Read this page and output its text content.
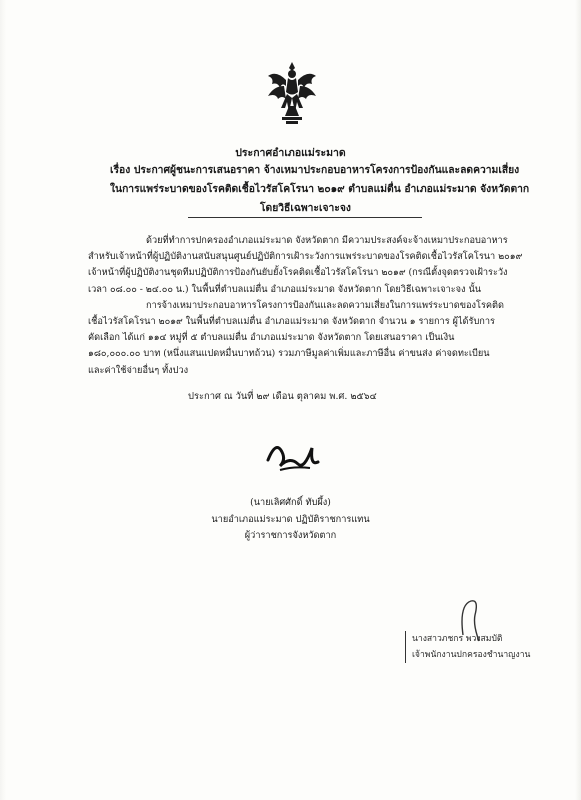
ประกาศอำเภอแม่ระมาด
เรื่อง ประกาศผู้ชนะการเสนอราคา จ้างเหมาประกอบอาหารโครงการป้องกันและลดความเสี่ยง
ในการแพร่ระบาดของโรคติดเชื้อไวรัสโคโรนา ๒๐๑๙ ตำบลแม่ตื่น อำเภอแม่ระมาด จังหวัดตาก
โดยวิธีเฉพาะเจาะจง
ด้วยที่ทำการปกครองอำเภอแม่ระมาด จังหวัดตาก มีความประสงค์จะจ้างเหมาประกอบอาหาร
สำหรับเจ้าหน้าที่ผู้ปฏิบัติงานสนับสนุนศูนย์ปฏิบัติการเฝ้าระวังการแพร่ระบาดของโรคติดเชื้อไวรัสโคโรนา ๒๐๑๙
เจ้าหน้าที่ผู้ปฏิบัติงานชุดทีมปฏิบัติการป้องกันยับยั้งโรคติดเชื้อไวรัสโคโรนา ๒๐๑๙ (กรณีตั้งจุดตรวจเฝ้าระวัง
เวลา ๐๘.๐๐ - ๒๔.๐๐ น.) ในพื้นที่ตำบลแม่ตื่น อำเภอแม่ระมาด จังหวัดตาก โดยวิธีเฉพาะเจาะจง นั้น
การจ้างเหมาประกอบอาหารโครงการป้องกันและลดความเสี่ยงในการแพร่ระบาดของโรคติด
เชื้อไวรัสโคโรนา ๒๐๑๙ ในพื้นที่ตำบลแม่ตื่น อำเภอแม่ระมาด จังหวัดตาก จำนวน ๑ รายการ ผู้ได้รับการ
คัดเลือก ได้แก่ ๑๑๔ หมู่ที่ ๕ ตำบลแม่ตื่น อำเภอแม่ระมาด จังหวัดตาก โดยเสนอราคา เป็นเงิน
๑๘๐,๐๐๐.๐๐ บาท (หนึ่งแสนแปดหมื่นบาทถ้วน) รวมภาษีมูลค่าเพิ่มและภาษีอื่น ค่าขนส่ง ค่าจดทะเบียน
และค่าใช้จ่ายอื่นๆ ทั้งปวง
ประกาศ ณ วันที่ ๒๙ เดือน ตุลาคม พ.ศ. ๒๕๖๔
(นายเลิศศักดิ์ ทับผึ้ง)
นายอำเภอแม่ระมาด ปฏิบัติราชการแทน
ผู้ว่าราชการจังหวัดตาก
นางสาวภชกร พวงสมบัติ
เจ้าพนักงานปกครองชำนาญงาน
